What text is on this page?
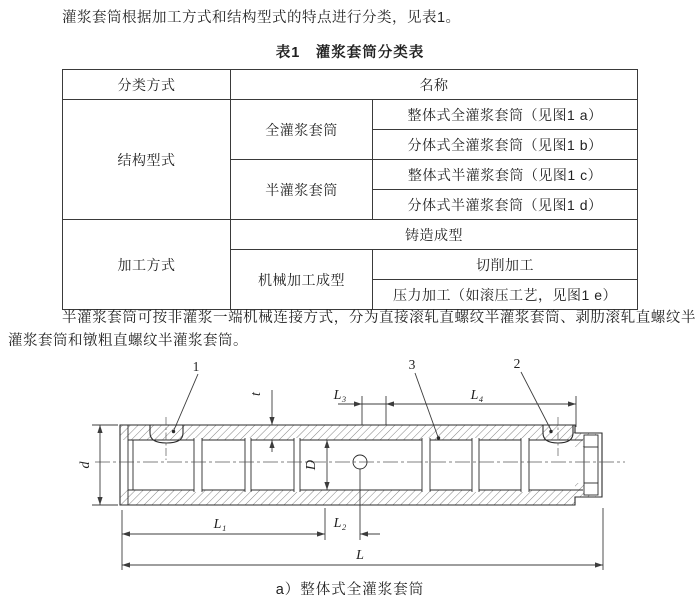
灌浆套筒根据加工方式和结构型式的特点进行分类，见表1。
表1　灌浆套筒分类表
分类方式	名称	
结构型式	全灌浆套筒	整体式全灌浆套筒（见图1 a）
		分体式全灌浆套筒（见图1 b）
	半灌浆套筒	整体式半灌浆套筒（见图1 c）
		分体式半灌浆套筒（见图1 d）
加工方式	铸造成型	
	机械加工成型	切削加工
		压力加工（如滚压工艺，见图1 e）
半灌浆套筒可按非灌浆一端机械连接方式，分为直接滚轧直螺纹半灌浆套筒、剥肋滚轧直螺纹半灌浆套筒和镦粗直螺纹半灌浆套筒。
d
t
D
L₃	L₄
1	3	2
L₁	L₂
L
a）整体式全灌浆套筒
